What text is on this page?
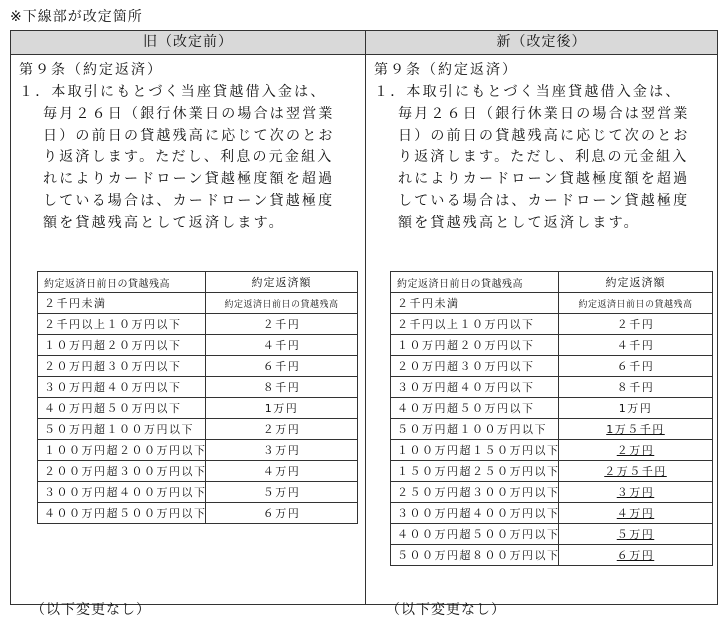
※下線部が改定箇所
旧（改定前）	新（改定後）
第９条（約定返済）
１．本取引にもとづく当座貸越借入金は、
毎月２６日（銀行休業日の場合は翌営業
日）の前日の貸越残高に応じて次のとお
り返済します。ただし、利息の元金組入
れによりカードローン貸越極度額を超過
している場合は、カードローン貸越極度
額を貸越残高として返済します。
約定返済日前日の貸越残高	約定返済額
２千円未満	約定返済日前日の貸越残高
２千円以上１０万円以下	２千円
１０万円超２０万円以下	４千円
２０万円超３０万円以下	６千円
３０万円超４０万円以下	８千円
４０万円超５０万円以下	1万円
５０万円超１００万円以下	２万円
１００万円超２００万円以下	３万円
２００万円超３００万円以下	４万円
３００万円超４００万円以下	５万円
４００万円超５００万円以下	６万円
（以下変更なし）
第９条（約定返済）
１．本取引にもとづく当座貸越借入金は、
毎月２６日（銀行休業日の場合は翌営業
日）の前日の貸越残高に応じて次のとお
り返済します。ただし、利息の元金組入
れによりカードローン貸越極度額を超過
している場合は、カードローン貸越極度
額を貸越残高として返済します。
約定返済日前日の貸越残高	約定返済額
２千円未満	約定返済日前日の貸越残高
２千円以上１０万円以下	２千円
１０万円超２０万円以下	４千円
２０万円超３０万円以下	６千円
３０万円超４０万円以下	８千円
４０万円超５０万円以下	1万円
５０万円超１００万円以下	1万５千円
１００万円超１５０万円以下	２万円
１５０万円超２５０万円以下	２万５千円
２５０万円超３００万円以下	３万円
３００万円超４００万円以下	４万円
４００万円超５００万円以下	５万円
５００万円超８００万円以下	６万円
（以下変更なし）
